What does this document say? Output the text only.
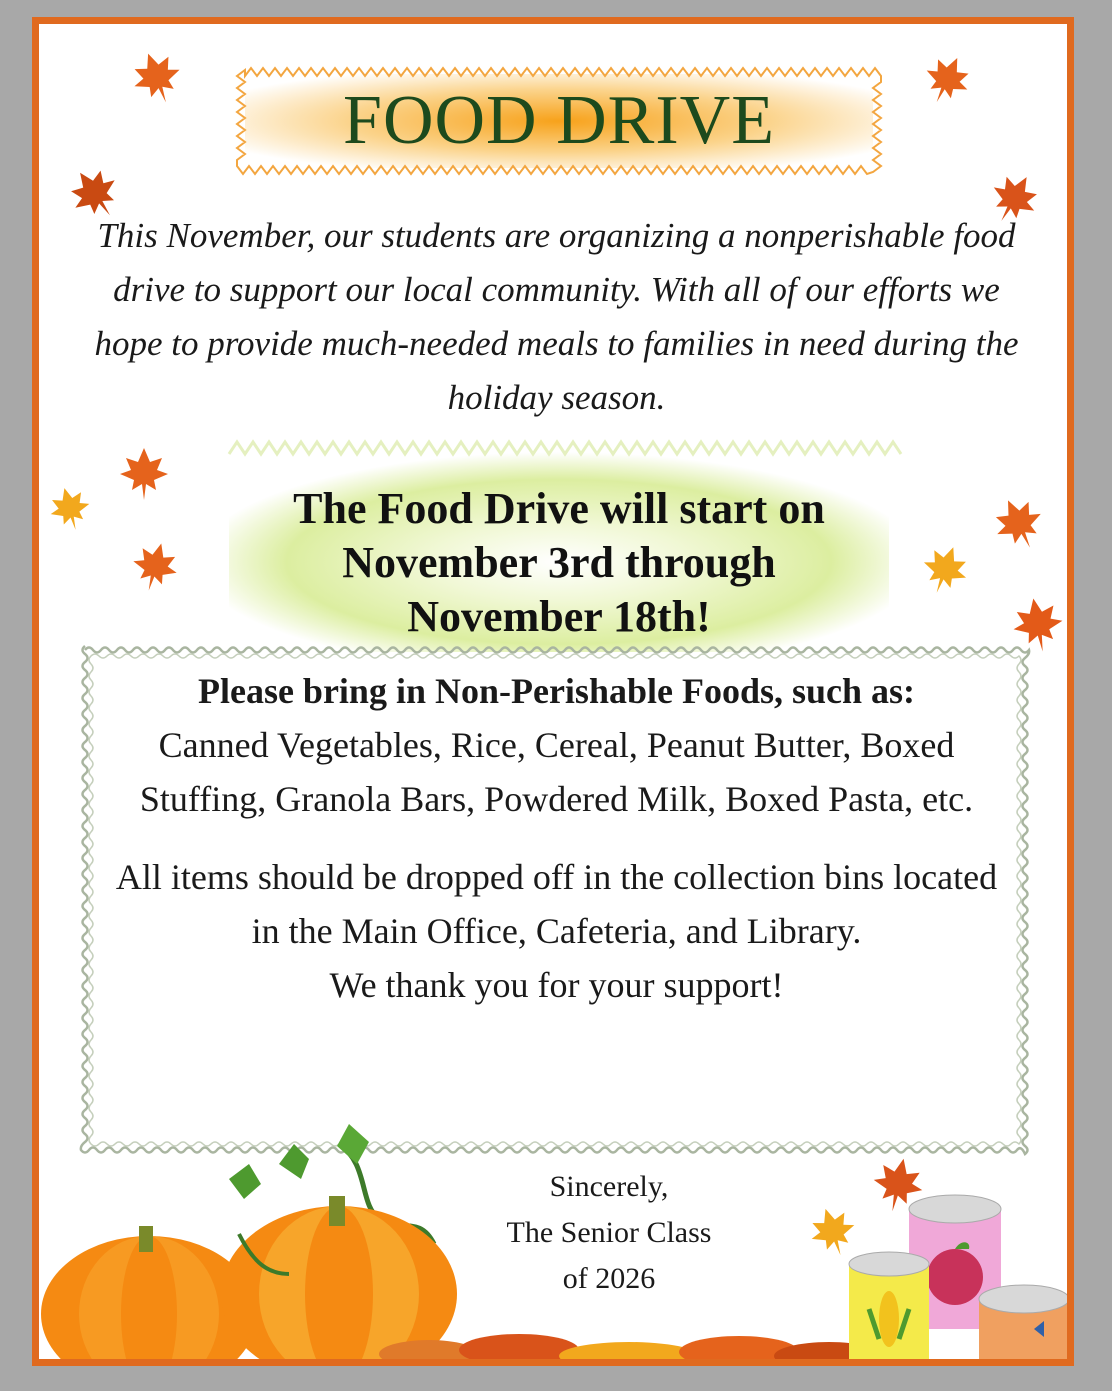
FOOD DRIVE
This November, our students are organizing a nonperishable food drive to support our local community. With all of our efforts we hope to provide much-needed meals to families in need during the holiday season.
The Food Drive will start on
November 3rd through
November 18th!
Please bring in Non-Perishable Foods, such as:
Canned Vegetables, Rice, Cereal, Peanut Butter, Boxed Stuffing, Granola Bars, Powdered Milk, Boxed Pasta, etc.
All items should be dropped off in the collection bins located in the Main Office, Cafeteria, and Library.
We thank you for your support!
Sincerely,
The Senior Class
of 2026
